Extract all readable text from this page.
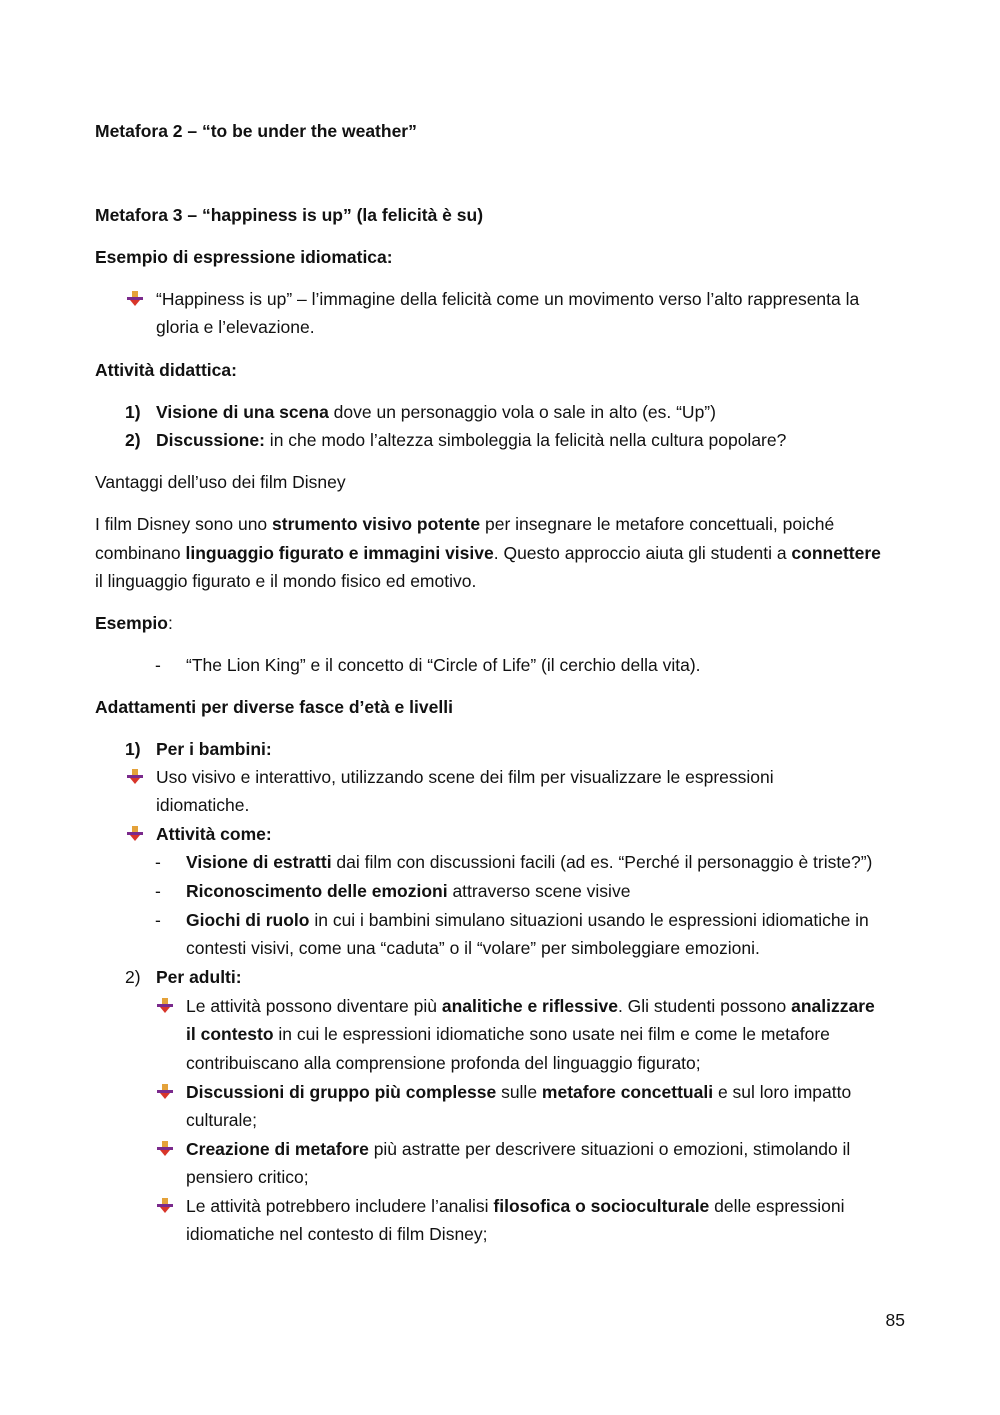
Metafora 2 – “to be under the weather”
Metafora 3 – “happiness is up” (la felicità è su)
Esempio di espressione idiomatica:
“Happiness is up” – l’immagine della felicità come un movimento verso l’alto rappresenta la
gloria e l’elevazione.
Attività didattica:
1) Visione di una scena dove un personaggio vola o sale in alto (es. “Up”)
2) Discussione: in che modo l’altezza simboleggia la felicità nella cultura popolare?
Vantaggi dell’uso dei film Disney
I film Disney sono uno strumento visivo potente per insegnare le metafore concettuali, poiché
combinano linguaggio figurato e immagini visive. Questo approccio aiuta gli studenti a connettere
il linguaggio figurato e il mondo fisico ed emotivo.
Esempio:
- “The Lion King” e il concetto di “Circle of Life” (il cerchio della vita).
Adattamenti per diverse fasce d’età e livelli
1) Per i bambini:
Uso visivo e interattivo, utilizzando scene dei film per visualizzare le espressioni
idiomatiche.
Attività come:
- Visione di estratti dai film con discussioni facili (ad es. “Perché il personaggio è triste?”)
- Riconoscimento delle emozioni attraverso scene visive
- Giochi di ruolo in cui i bambini simulano situazioni usando le espressioni idiomatiche in
contesti visivi, come una “caduta” o il “volare” per simboleggiare emozioni.
2) Per adulti:
Le attività possono diventare più analitiche e riflessive. Gli studenti possono analizzare
il contesto in cui le espressioni idiomatiche sono usate nei film e come le metafore
contribuiscano alla comprensione profonda del linguaggio figurato;
Discussioni di gruppo più complesse sulle metafore concettuali e sul loro impatto
culturale;
Creazione di metafore più astratte per descrivere situazioni o emozioni, stimolando il
pensiero critico;
Le attività potrebbero includere l’analisi filosofica o socioculturale delle espressioni
idiomatiche nel contesto di film Disney;
85
